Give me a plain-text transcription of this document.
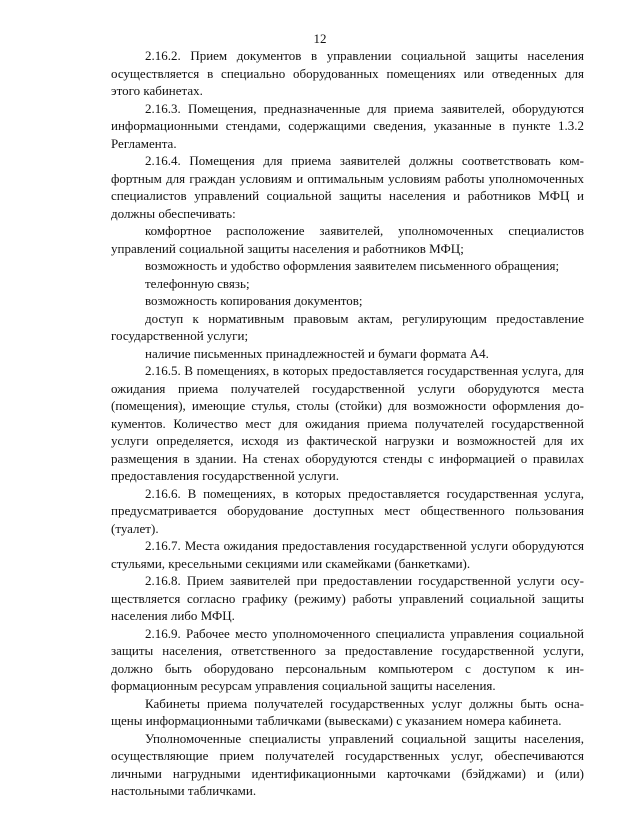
12

2.16.2. Прием документов в управлении социальной защиты населения осуществляется в специально оборудованных помещениях или отведенных для этого кабинетах.

2.16.3. Помещения, предназначенные для приема заявителей, оборудуются информационными стендами, содержащими сведения, указанные в пункте 1.3.2 Регламента.

2.16.4. Помещения для приема заявителей должны соответствовать комфортным для граждан условиям и оптимальным условиям работы уполномоченных специалистов управлений социальной защиты населения и работников МФЦ и должны обеспечивать:

комфортное расположение заявителей, уполномоченных специалистов управлений социальной защиты населения и работников МФЦ;

возможность и удобство оформления заявителем письменного обращения;

телефонную связь;

возможность копирования документов;

доступ к нормативным правовым актам, регулирующим предоставление государственной услуги;

наличие письменных принадлежностей и бумаги формата А4.

2.16.5. В помещениях, в которых предоставляется государственная услуга, для ожидания приема получателей государственной услуги оборудуются места (помещения), имеющие стулья, столы (стойки) для возможности оформления документов. Количество мест для ожидания приема получателей государственной услуги определяется, исходя из фактической нагрузки и возможностей для их размещения в здании. На стенах оборудуются стенды с информацией о правилах предоставления государственной услуги.

2.16.6. В помещениях, в которых предоставляется государственная услуга, предусматривается оборудование доступных мест общественного пользования (туалет).

2.16.7. Места ожидания предоставления государственной услуги оборудуются стульями, кресельными секциями или скамейками (банкетками).

2.16.8. Прием заявителей при предоставлении государственной услуги осуществляется согласно графику (режиму) работы управлений социальной защиты населения либо МФЦ.

2.16.9. Рабочее место уполномоченного специалиста управления социальной защиты населения, ответственного за предоставление государственной услуги, должно быть оборудовано персональным компьютером с доступом к информационным ресурсам управления социальной защиты населения.

Кабинеты приема получателей государственных услуг должны быть оснащены информационными табличками (вывесками) с указанием номера кабинета.

Уполномоченные специалисты управлений социальной защиты населения, осуществляющие прием получателей государственных услуг, обеспечиваются личными нагрудными идентификационными карточками (бэйджами) и (или) настольными табличками.
